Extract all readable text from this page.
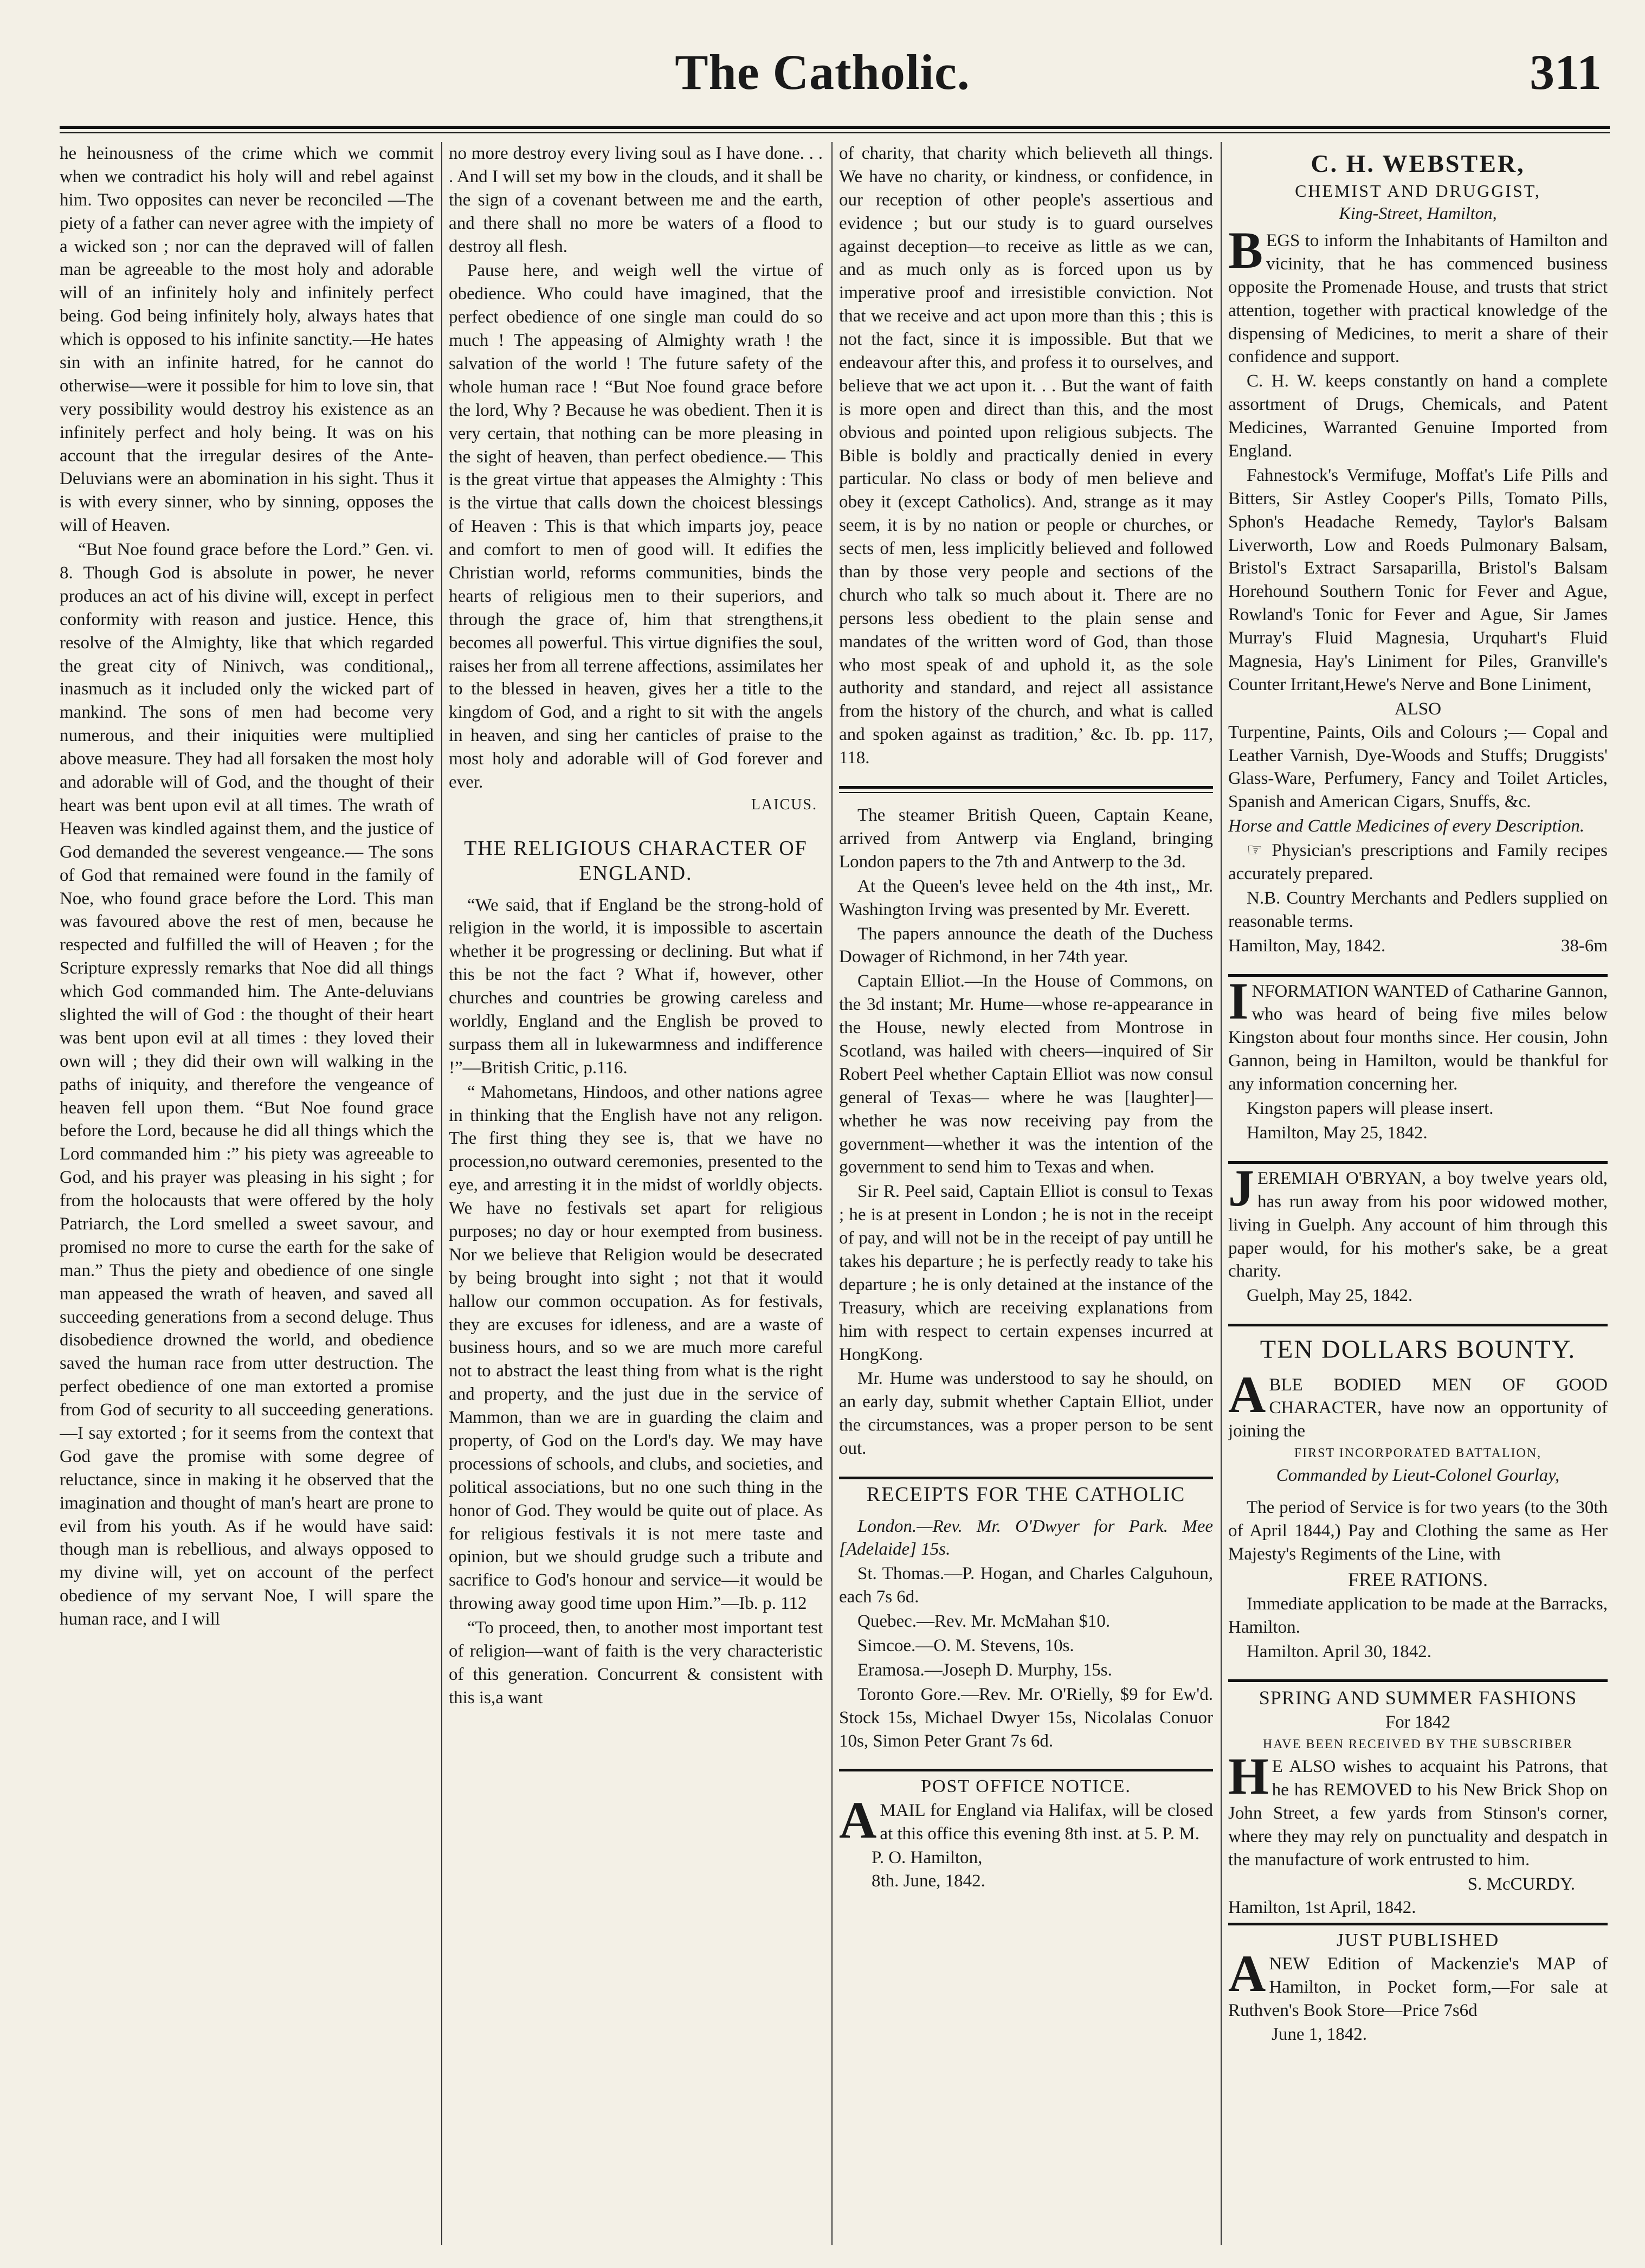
The Catholic.	311

he heinousness of the crime which we commit when we contradict his holy will and rebel against him. Two opposites can never be reconciled —The piety of a father can never agree with the impiety of a wicked son ; nor can the depraved will of fallen man be agreeable to the most holy and adorable will of an infinitely holy and infinitely perfect being. God being infinitely holy, always hates that which is opposed to his infinite sanctity.—He hates sin with an infinite hatred, for he cannot do otherwise—were it possible for him to love sin, that very possibility would destroy his existence as an infinitely perfect and holy being. It was on his account that the irregular desires of the Ante-Deluvians were an abomination in his sight. Thus it is with every sinner, who by sinning, opposes the will of Heaven.

“But Noe found grace before the Lord.” Gen. vi. 8. Though God is absolute in power, he never produces an act of his divine will, except in perfect conformity with reason and justice. Hence, this resolve of the Almighty, like that which regarded the great city of Ninivch, was conditional,, inasmuch as it included only the wicked part of mankind. The sons of men had become very numerous, and their iniquities were multiplied above measure. They had all forsaken the most holy and adorable will of God, and the thought of their heart was bent upon evil at all times. The wrath of Heaven was kindled against them, and the justice of God demanded the severest vengeance.— The sons of God that remained were found in the family of Noe, who found grace before the Lord. This man was favoured above the rest of men, because he respected and fulfilled the will of Heaven ; for the Scripture expressly remarks that Noe did all things which God commanded him. The Ante-deluvians slighted the will of God : the thought of their heart was bent upon evil at all times : they loved their own will ; they did their own will walking in the paths of iniquity, and therefore the vengeance of heaven fell upon them. “But Noe found grace before the Lord, because he did all things which the Lord commanded him :” his piety was agreeable to God, and his prayer was pleasing in his sight ; for from the holocausts that were offered by the holy Patriarch, the Lord smelled a sweet savour, and promised no more to curse the earth for the sake of man.” Thus the piety and obedience of one single man appeased the wrath of heaven, and saved all succeeding generations from a second deluge. Thus disobedience drowned the world, and obedience saved the human race from utter destruction. The perfect obedience of one man extorted a promise from God of security to all succeeding generations.—I say extorted ; for it seems from the context that God gave the promise with some degree of reluctance, since in making it he observed that the imagination and thought of man's heart are prone to evil from his youth. As if he would have said: though man is rebellious, and always opposed to my divine will, yet on account of the perfect obedience of my servant Noe, I will spare the human race, and I will

no more destroy every living soul as I have done. . . . And I will set my bow in the clouds, and it shall be the sign of a covenant between me and the earth, and there shall no more be waters of a flood to destroy all flesh.

Pause here, and weigh well the virtue of obedience. Who could have imagined, that the perfect obedience of one single man could do so much ! The appeasing of Almighty wrath ! the salvation of the world ! The future safety of the whole human race ! “But Noe found grace before the lord, Why ? Because he was obedient. Then it is very certain, that nothing can be more pleasing in the sight of heaven, than perfect obedience.— This is the great virtue that appeases the Almighty : This is the virtue that calls down the choicest blessings of Heaven : This is that which imparts joy, peace and comfort to men of good will. It edifies the Christian world, reforms communities, binds the hearts of religious men to their superiors, and through the grace of, him that strengthens,it becomes all powerful. This virtue dignifies the soul, raises her from all terrene affections, assimilates her to the blessed in heaven, gives her a title to the kingdom of God, and a right to sit with the angels in heaven, and sing her canticles of praise to the most holy and adorable will of God forever and ever.

LAICUS.
THE RELIGIOUS CHARACTER OF ENGLAND.

“We said, that if England be the strong-hold of religion in the world, it is impossible to ascertain whether it be progressing or declining. But what if this be not the fact ? What if, however, other churches and countries be growing careless and worldly, England and the English be proved to surpass them all in lukewarmness and indifference !”—British Critic, p.116.

“ Mahometans, Hindoos, and other nations agree in thinking that the English have not any religon. The first thing they see is, that we have no procession,no outward ceremonies, presented to the eye, and arresting it in the midst of worldly objects. We have no festivals set apart for religious purposes; no day or hour exempted from business. Nor we believe that Religion would be desecrated by being brought into sight ; not that it would hallow our common occupation. As for festivals, they are excuses for idleness, and are a waste of business hours, and so we are much more careful not to abstract the least thing from what is the right and property, and the just due in the service of Mammon, than we are in guarding the claim and property, of God on the Lord's day. We may have processions of schools, and clubs, and societies, and political associations, but no one such thing in the honor of God. They would be quite out of place. As for religious festivals it is not mere taste and opinion, but we should grudge such a tribute and sacrifice to God's honour and service—it would be throwing away good time upon Him.”—Ib. p. 112

“To proceed, then, to another most important test of religion—want of faith is the very characteristic of this generation. Concurrent & consistent with this is,a want

of charity, that charity which believeth all things. We have no charity, or kindness, or confidence, in our reception of other people's assertious and evidence ; but our study is to guard ourselves against deception—to receive as little as we can, and as much only as is forced upon us by imperative proof and irresistible conviction. Not that we receive and act upon more than this ; this is not the fact, since it is impossible. But that we endeavour after this, and profess it to ourselves, and believe that we act upon it. . . But the want of faith is more open and direct than this, and the most obvious and pointed upon religious subjects. The Bible is boldly and practically denied in every particular. No class or body of men believe and obey it (except Catholics). And, strange as it may seem, it is by no nation or people or churches, or sects of men, less implicitly believed and followed than by those very people and sections of the church who talk so much about it. There are no persons less obedient to the plain sense and mandates of the written word of God, than those who most speak of and uphold it, as the sole authority and standard, and reject all assistance from the history of the church, and what is called and spoken against as tradition,’ &c. Ib. pp. 117, 118.

The steamer British Queen, Captain Keane, arrived from Antwerp via England, bringing London papers to the 7th and Antwerp to the 3d.

At the Queen's levee held on the 4th inst,, Mr. Washington Irving was presented by Mr. Everett.

The papers announce the death of the Duchess Dowager of Richmond, in her 74th year.

Captain Elliot.—In the House of Commons, on the 3d instant; Mr. Hume—whose re-appearance in the House, newly elected from Montrose in Scotland, was hailed with cheers—inquired of Sir Robert Peel whether Captain Elliot was now consul general of Texas— where he was [laughter]—whether he was now receiving pay from the government—whether it was the intention of the government to send him to Texas and when.

Sir R. Peel said, Captain Elliot is consul to Texas ; he is at present in London ; he is not in the receipt of pay, and will not be in the receipt of pay untill he takes his departure ; he is perfectly ready to take his departure ; he is only detained at the instance of the Treasury, which are receiving explanations from him with respect to certain expenses incurred at HongKong.

Mr. Hume was understood to say he should, on an early day, submit whether Captain Elliot, under the circumstances, was a proper person to be sent out.

RECEIPTS FOR THE CATHOLIC

London.—Rev. Mr. O'Dwyer for Park. Mee [Adelaide] 15s.

St. Thomas.—P. Hogan, and Charles Calguhoun, each 7s 6d.

Quebec.—Rev. Mr. McMahan $10.

Simcoe.—O. M. Stevens, 10s.

Eramosa.—Joseph D. Murphy, 15s.

Toronto Gore.—Rev. Mr. O'Rielly, $9 for Ew'd. Stock 15s, Michael Dwyer 15s, Nicolalas Conuor 10s, Simon Peter Grant 7s 6d.

POST OFFICE NOTICE.

A MAIL for England via Halifax, will be closed at this office this evening 8th inst. at 5. P. M.

P. O. Hamilton,
8th. June, 1842.
C. H. WEBSTER,
CHEMIST AND DRUGGIST,
King-Street, Hamilton,

B EGS to inform the Inhabitants of Hamilton and vicinity, that he has commenced business opposite the Promenade House, and trusts that strict attention, together with practical knowledge of the dispensing of Medicines, to merit a share of their confidence and support.

C. H. W. keeps constantly on hand a complete assortment of Drugs, Chemicals, and Patent Medicines, Warranted Genuine Imported from England.

Fahnestock's Vermifuge, Moffat's Life Pills and Bitters, Sir Astley Cooper's Pills, Tomato Pills, Sphon's Headache Remedy, Taylor's Balsam Liverworth, Low and Roeds Pulmonary Balsam, Bristol's Extract Sarsaparilla, Bristol's Balsam Horehound Southern Tonic for Fever and Ague, Rowland's Tonic for Fever and Ague, Sir James Murray's Fluid Magnesia, Urquhart's Fluid Magnesia, Hay's Liniment for Piles, Granville's Counter Irritant,Hewe's Nerve and Bone Liniment,

ALSO

Turpentine, Paints, Oils and Colours ;— Copal and Leather Varnish, Dye-Woods and Stuffs; Druggists' Glass-Ware, Perfumery, Fancy and Toilet Articles, Spanish and American Cigars, Snuffs, &c.

Horse and Cattle Medicines of every Description.

☞ Physician's prescriptions and Family recipes accurately prepared.

N.B. Country Merchants and Pedlers supplied on reasonable terms.

Hamilton, May, 1842.	38-6m

I NFORMATION WANTED of Catharine Gannon, who was heard of being five miles below Kingston about four months since. Her cousin, John Gannon, being in Hamilton, would be thankful for any information concerning her.

Kingston papers will please insert.

Hamilton, May 25, 1842.

J EREMIAH O'BRYAN, a boy twelve years old, has run away from his poor widowed mother, living in Guelph. Any account of him through this paper would, for his mother's sake, be a great charity.

Guelph, May 25, 1842.

TEN DOLLARS BOUNTY.

A BLE BODIED MEN OF GOOD CHARACTER, have now an opportunity of joining the

FIRST INCORPORATED BATTALION,
Commanded by Lieut-Colonel Gourlay,

The period of Service is for two years (to the 30th of April 1844,) Pay and Clothing the same as Her Majesty's Regiments of the Line, with

FREE RATIONS.

Immediate application to be made at the Barracks, Hamilton.

Hamilton. April 30, 1842.

SPRING AND SUMMER FASHIONS
For 1842
HAVE BEEN RECEIVED BY THE SUBSCRIBER

H E ALSO wishes to acquaint his Patrons, that he has REMOVED to his New Brick Shop on John Street, a few yards from Stinson's corner, where they may rely on punctuality and despatch in the manufacture of work entrusted to him.

S. McCURDY.

Hamilton, 1st April, 1842.

JUST PUBLISHED

A NEW Edition of Mackenzie's MAP of Hamilton, in Pocket form,—For sale at Ruthven's Book Store—Price 7s6d

June 1, 1842.
